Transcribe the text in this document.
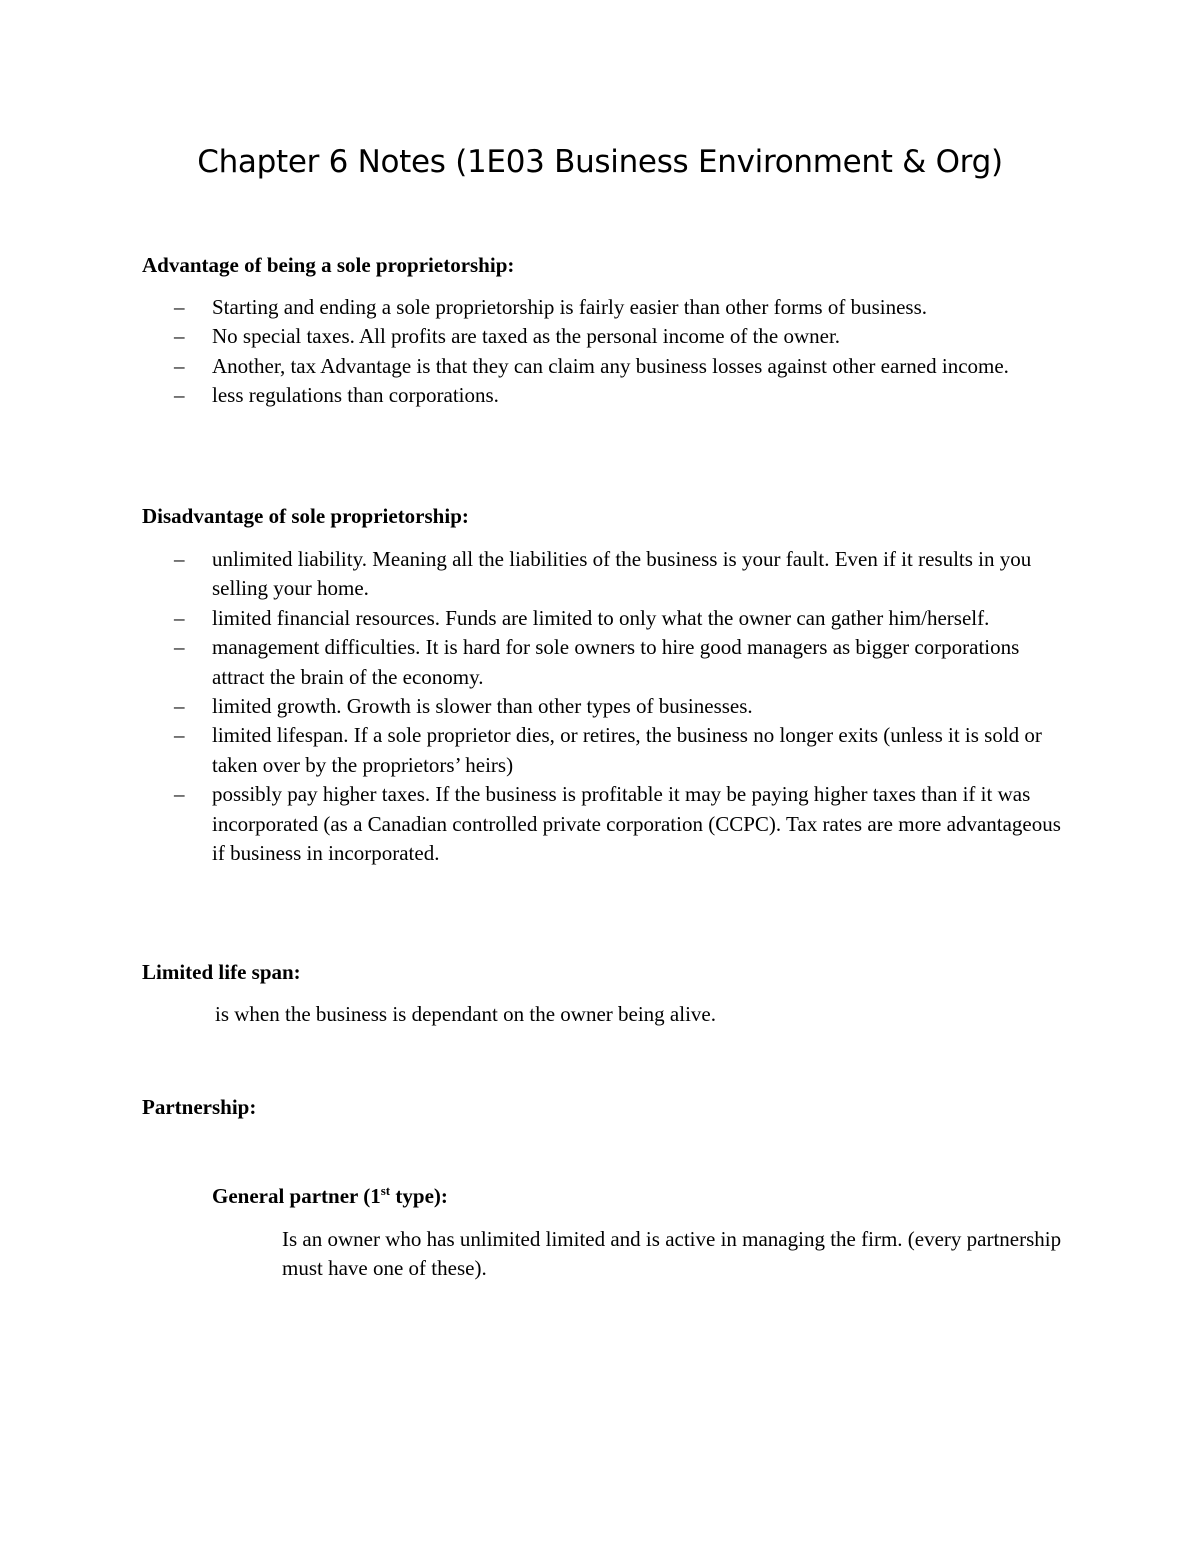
Chapter 6 Notes (1E03 Business Environment & Org)
Advantage of being a sole proprietorship:
– Starting and ending a sole proprietorship is fairly easier than other forms of business.
– No special taxes. All profits are taxed as the personal income of the owner.
– Another, tax Advantage is that they can claim any business losses against other earned income.
– less regulations than corporations.
Disadvantage of sole proprietorship:
– unlimited liability. Meaning all the liabilities of the business is your fault. Even if it results in you selling your home.
– limited financial resources. Funds are limited to only what the owner can gather him/herself.
– management difficulties. It is hard for sole owners to hire good managers as bigger corporations attract the brain of the economy.
– limited growth. Growth is slower than other types of businesses.
– limited lifespan. If a sole proprietor dies, or retires, the business no longer exits (unless it is sold or taken over by the proprietors’ heirs)
– possibly pay higher taxes. If the business is profitable it may be paying higher taxes than if it was incorporated (as a Canadian controlled private corporation (CCPC). Tax rates are more advantageous if business in incorporated.
Limited life span:
is when the business is dependant on the owner being alive.
Partnership:
General partner (1st type):
Is an owner who has unlimited limited and is active in managing the firm. (every partnership must have one of these).
